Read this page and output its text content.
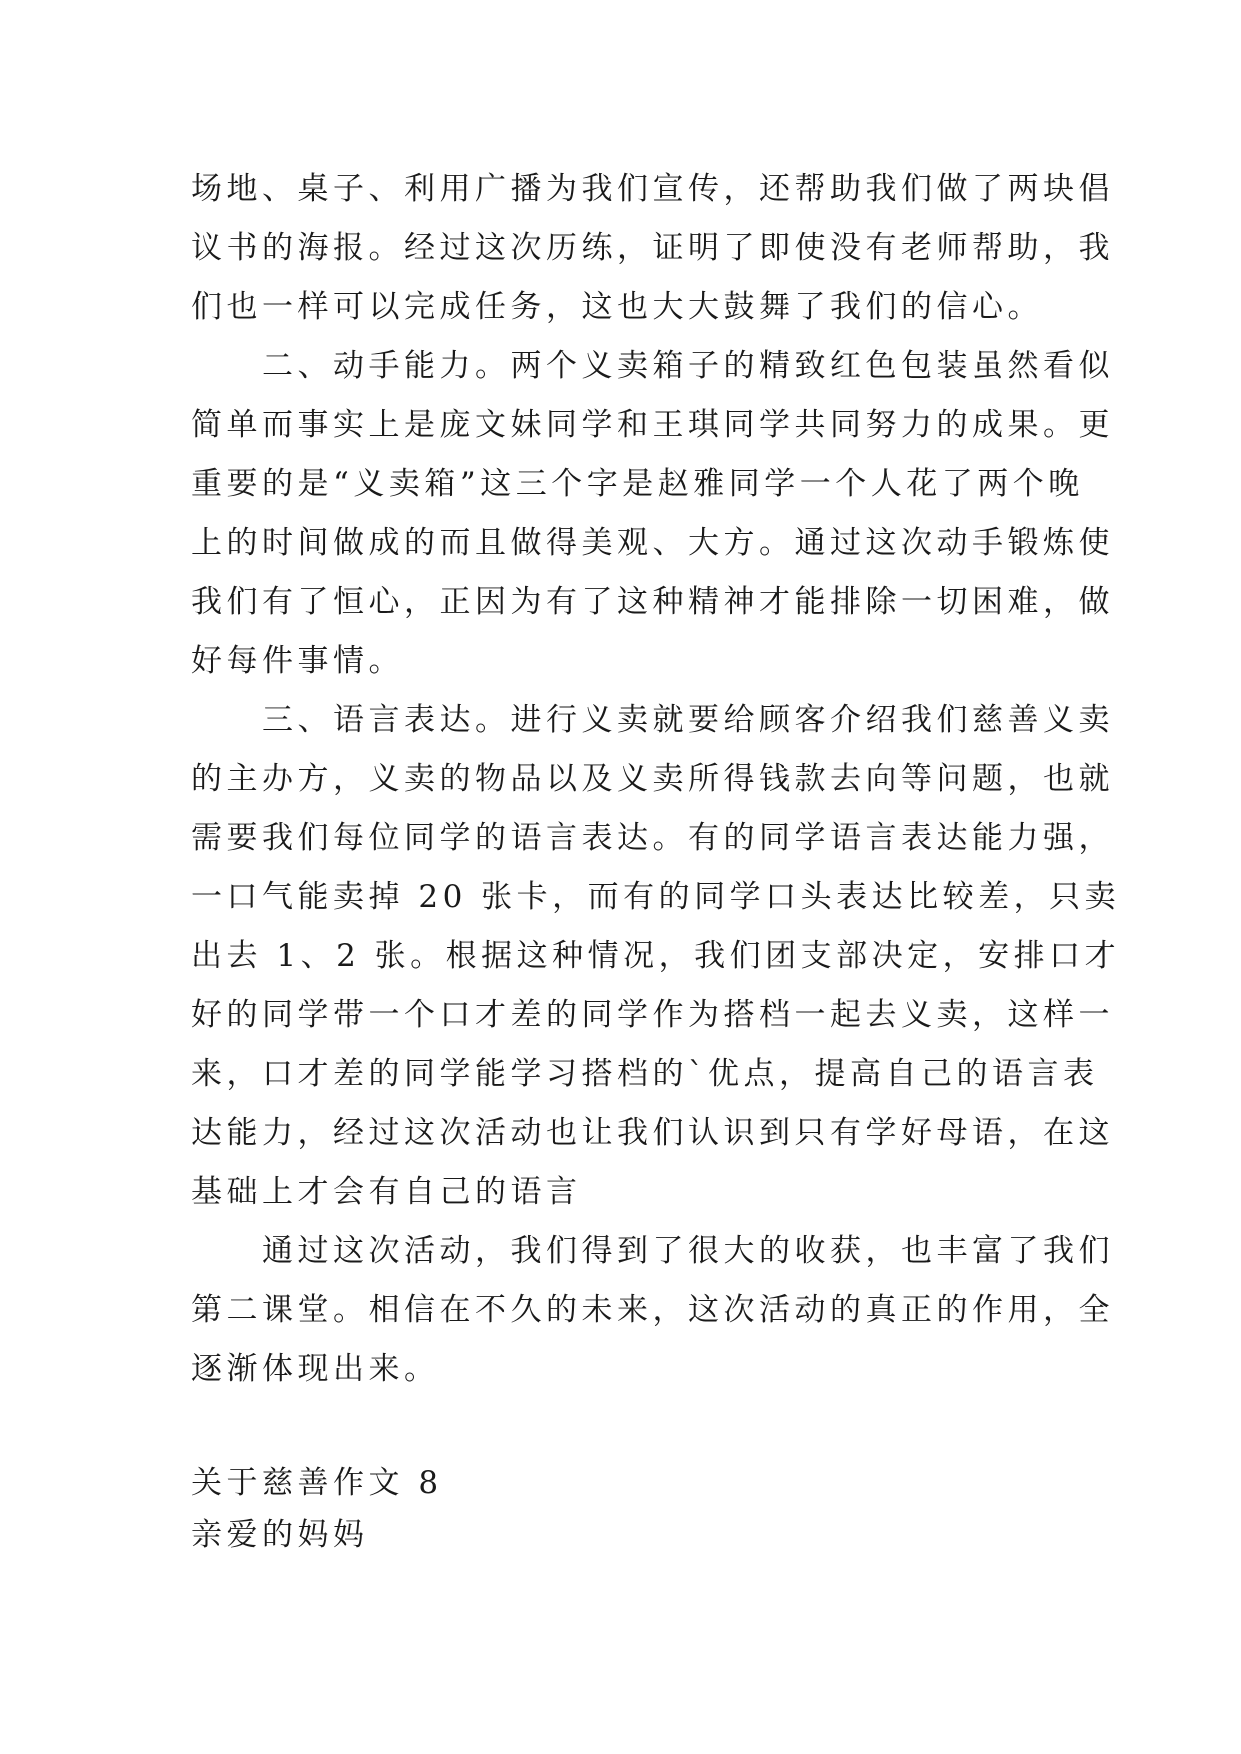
场地、桌子、利用广播为我们宣传，还帮助我们做了两块倡
议书的海报。经过这次历练，证明了即使没有老师帮助，我
们也一样可以完成任务，这也大大鼓舞了我们的信心。
　　二、动手能力。两个义卖箱子的精致红色包装虽然看似
简单而事实上是庞文妹同学和王琪同学共同努力的成果。更
重要的是“义卖箱”这三个字是赵雅同学一个人花了两个晚
上的时间做成的而且做得美观、大方。通过这次动手锻炼使
我们有了恒心，正因为有了这种精神才能排除一切困难，做
好每件事情。
　　三、语言表达。进行义卖就要给顾客介绍我们慈善义卖
的主办方，义卖的物品以及义卖所得钱款去向等问题，也就
需要我们每位同学的语言表达。有的同学语言表达能力强，
一口气能卖掉 20 张卡，而有的同学口头表达比较差，只卖
出去 1、2 张。根据这种情况，我们团支部决定，安排口才
好的同学带一个口才差的同学作为搭档一起去义卖，这样一
来，口才差的同学能学习搭档的`优点，提高自己的语言表
达能力，经过这次活动也让我们认识到只有学好母语，在这
基础上才会有自己的语言
　　通过这次活动，我们得到了很大的收获，也丰富了我们
第二课堂。相信在不久的未来，这次活动的真正的作用，全
逐渐体现出来。
关于慈善作文 8
亲爱的妈妈
